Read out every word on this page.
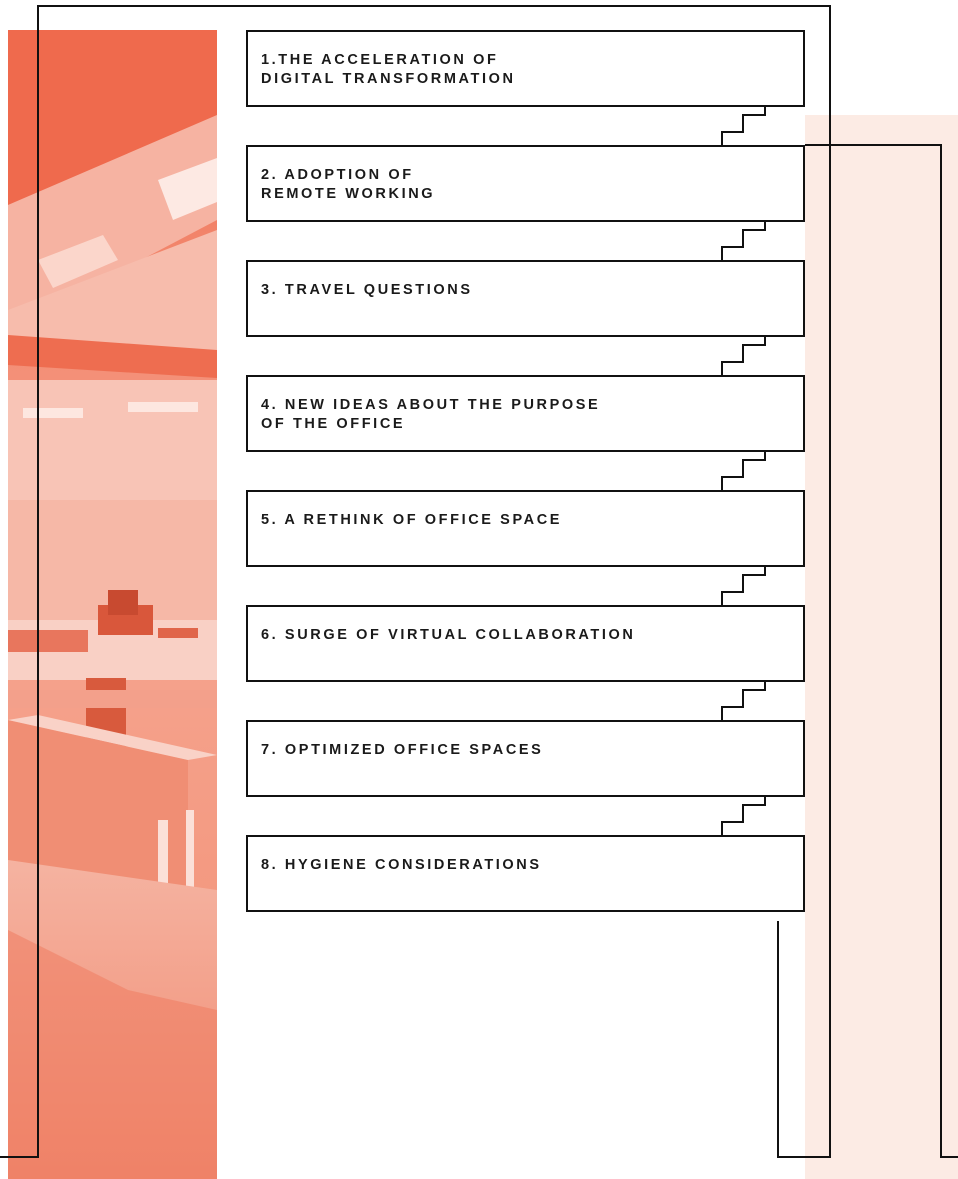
1.THE ACCELERATION OF
DIGITAL TRANSFORMATION

2. ADOPTION OF
REMOTE WORKING

3. TRAVEL QUESTIONS

4. NEW IDEAS ABOUT THE PURPOSE
OF THE OFFICE

5. A RETHINK OF OFFICE SPACE

6. SURGE OF VIRTUAL COLLABORATION

7. OPTIMIZED OFFICE SPACES

8. HYGIENE CONSIDERATIONS
